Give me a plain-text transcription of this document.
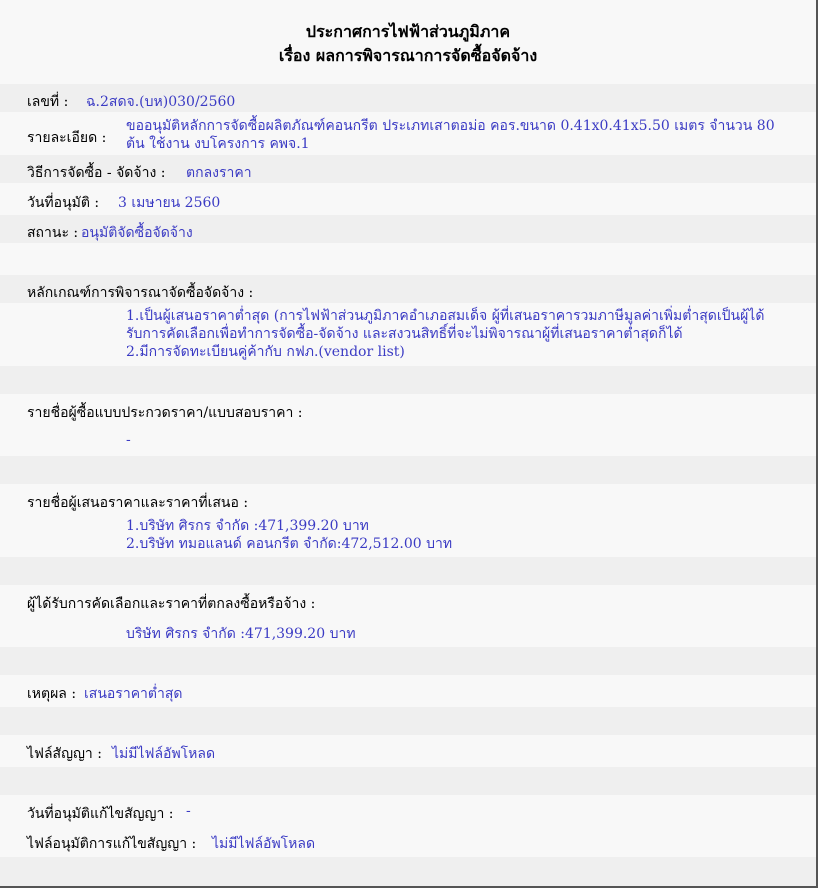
ประกาศการไฟฟ้าส่วนภูมิภาค
เรื่อง ผลการพิจารณาการจัดซื้อจัดจ้าง
เลขที่ : ฉ.2สดจ.(บห)030/2560
รายละเอียด :
ขออนุมัติหลักการจัดซื้อผลิตภัณฑ์คอนกรีต ประเภทเสาตอม่อ คอร.ขนาด 0.41x0.41x5.50 เมตร จำนวน 80
ต้น ใช้งาน งบโครงการ คพจ.1
วิธีการจัดซื้อ - จัดจ้าง : ตกลงราคา
วันที่อนุมัติ : 3 เมษายน 2560
สถานะ : อนุมัติจัดซื้อจัดจ้าง
หลักเกณฑ์การพิจารณาจัดซื้อจัดจ้าง :
1.เป็นผู้เสนอราคาต่ำสุด (การไฟฟ้าส่วนภูมิภาคอำเภอสมเด็จ ผู้ที่เสนอราคารวมภาษีมูลค่าเพิ่มต่ำสุดเป็นผู้ได้
รับการคัดเลือกเพื่อทำการจัดซื้อ-จัดจ้าง และสงวนสิทธิ์ที่จะไม่พิจารณาผู้ที่เสนอราคาต่ำสุดก็ได้
2.มีการจัดทะเบียนคู่ค้ากับ กฟภ.(vendor list)
รายชื่อผู้ซื้อแบบประกวดราคา/แบบสอบราคา :
-
รายชื่อผู้เสนอราคาและราคาที่เสนอ :
1.บริษัท ศิรกร จำกัด :471,399.20 บาท
2.บริษัท ทมอแลนด์ คอนกรีต จำกัด:472,512.00 บาท
ผู้ได้รับการคัดเลือกและราคาที่ตกลงซื้อหรือจ้าง :
บริษัท ศิรกร จำกัด :471,399.20 บาท
เหตุผล : เสนอราคาต่ำสุด
ไฟล์สัญญา : ไม่มีไฟล์อัพโหลด
วันที่อนุมัติแก้ไขสัญญา : -
ไฟล์อนุมัติการแก้ไขสัญญา : ไม่มีไฟล์อัพโหลด
